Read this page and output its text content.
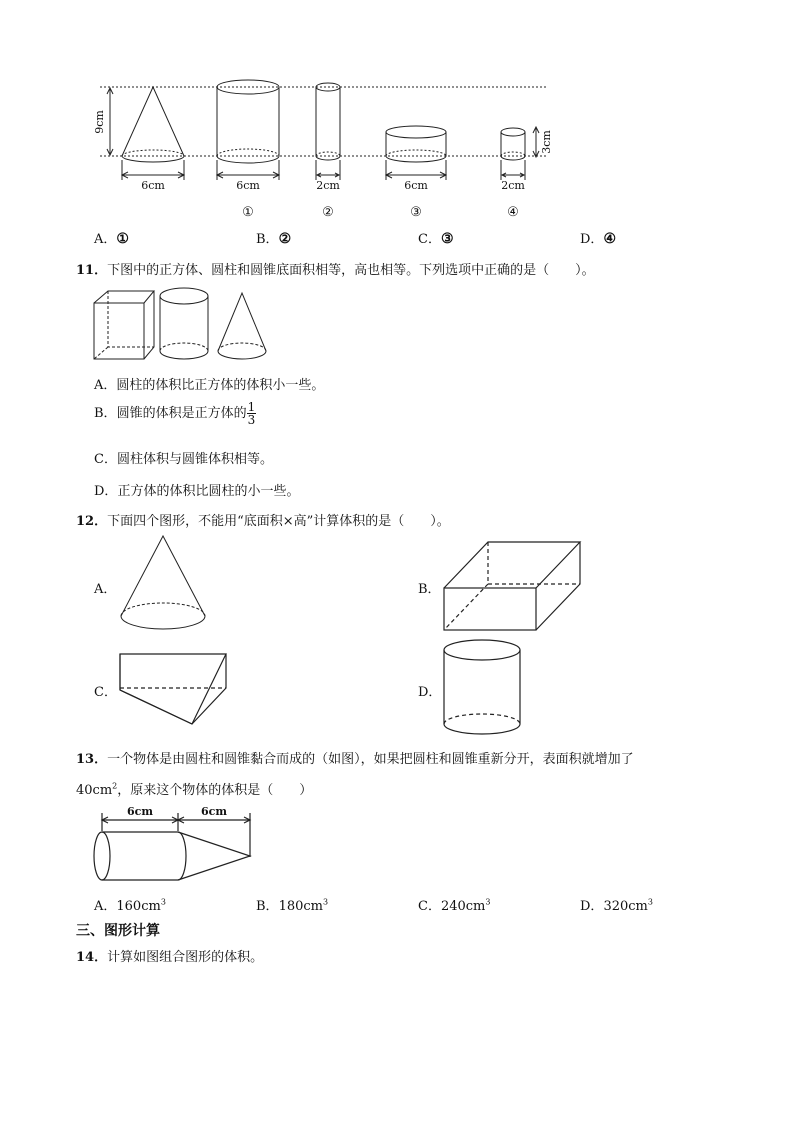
9cm
6cm	6cm	2cm	6cm	2cm
3cm
①	②	③	④
A．①	B．②	C．③	D．④
11．下图中的正方体、圆柱和圆锥底面积相等，高也相等。下列选项中正确的是（　　）。
A．圆柱的体积比正方体的体积小一些。
B．圆锥的体积是正方体的 $\frac{1}{3}$
C．圆柱体积与圆锥体积相等。
D．正方体的体积比圆柱的小一些。
12．下面四个图形，不能用“底面积×高”计算体积的是（　　）。
A．	B．
C．	D．
13．一个物体是由圆柱和圆锥黏合而成的（如图），如果把圆柱和圆锥重新分开，表面积就增加了
$40cm^2$，原来这个物体的体积是（　　）
6cm	6cm
A．$160cm^3$	B．$180cm^3$	C．$240cm^3$	D．$320cm^3$
三、图形计算
14．计算如图组合图形的体积。
